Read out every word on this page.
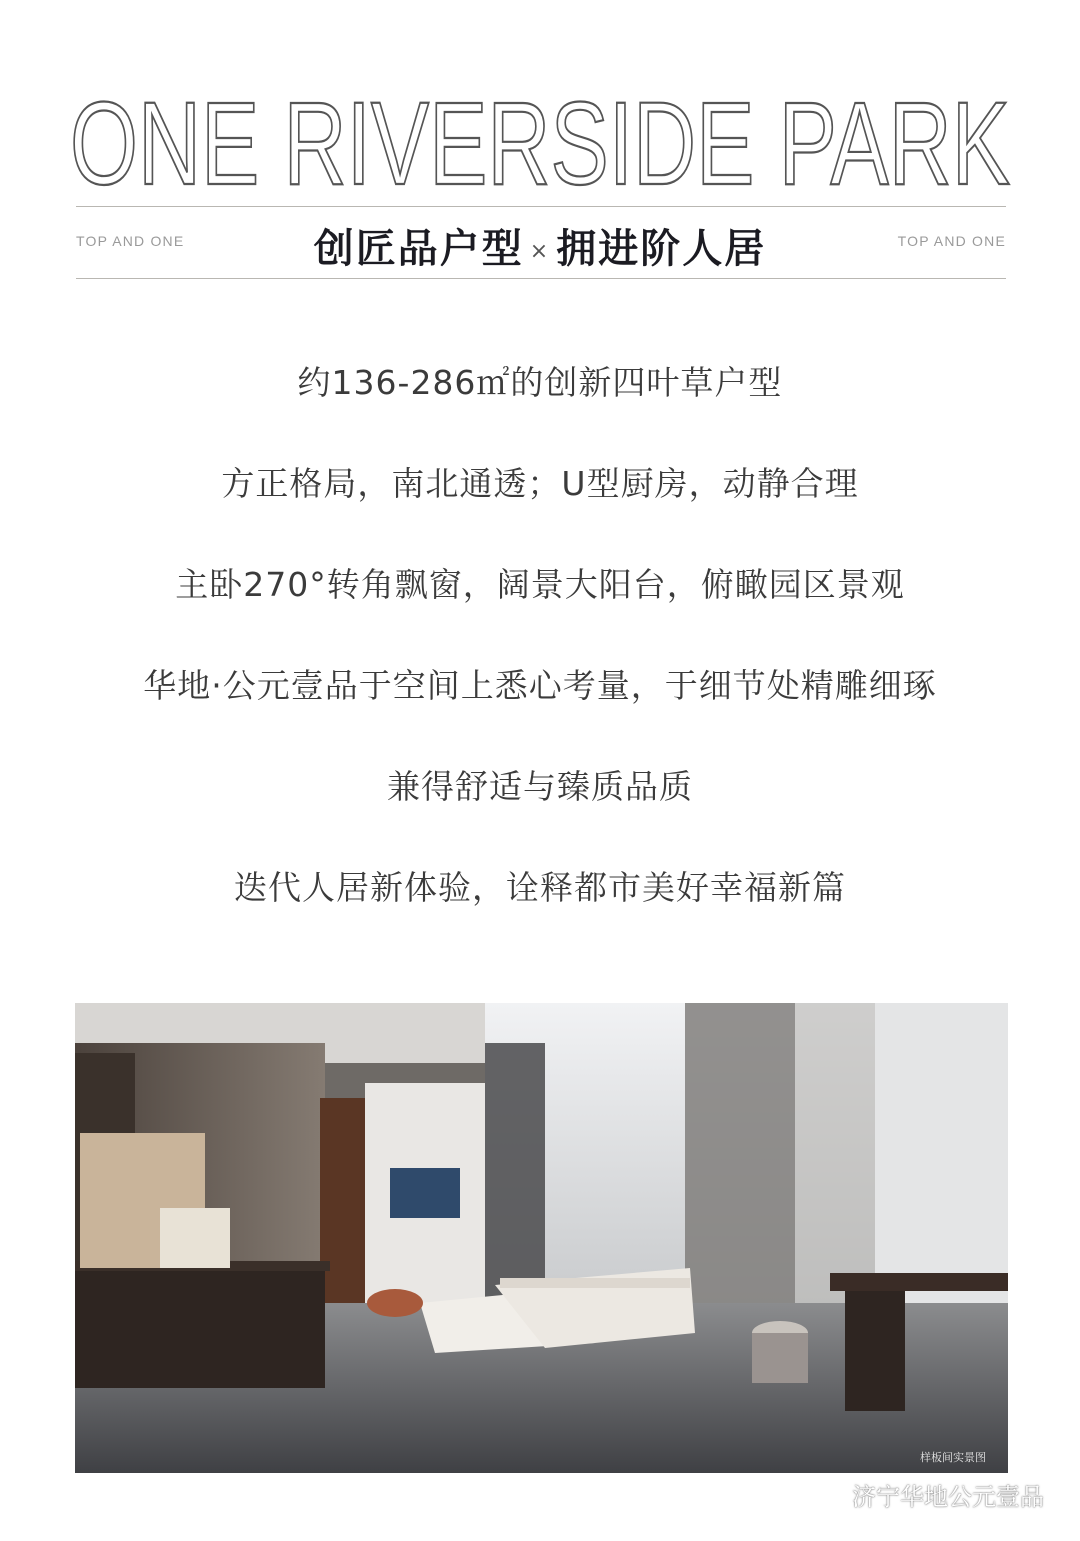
ONE RIVERSIDE PARK
TOP AND ONE	创匠品户型 × 拥进阶人居	TOP AND ONE
约136-286㎡的创新四叶草户型
方正格局，南北通透；U型厨房，动静合理
主卧270°转角飘窗，阔景大阳台，俯瞰园区景观
华地·公元壹品于空间上悉心考量，于细节处精雕细琢
兼得舒适与臻质品质
迭代人居新体验，诠释都市美好幸福新篇
样板间实景图
济宁华地公元壹品
